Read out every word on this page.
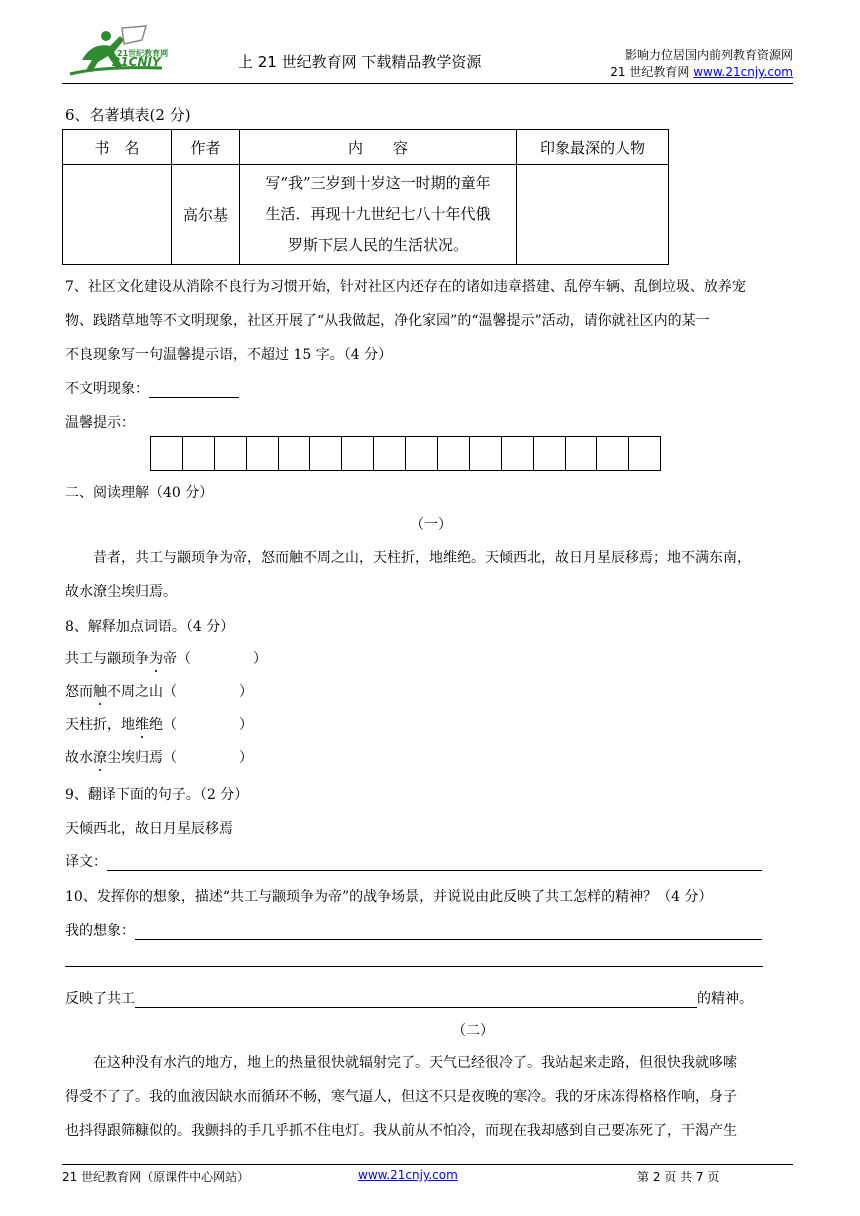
21世纪教育网
21CNJY	上 21 世纪教育网 下载精品教学资源	影响力位居国内前列教育资源网
21 世纪教育网 www.21cnjy.com
6、名著填表(2 分)
书　名	作者	内　　容	印象最深的人物
	高尔基	写“我”三岁到十岁这一时期的童年
生活．再现十九世纪七八十年代俄
罗斯下层人民的生活状况。	

7、社区文化建设从消除不良行为习惯开始，针对社区内还存在的诸如违章搭建、乱停车辆、乱倒垃圾、放养宠
物、践踏草地等不文明现象，社区开展了“从我做起，净化家园”的“温馨提示”活动，请你就社区内的某一
不良现象写一句温馨提示语，不超过 15 字。（4 分）
不文明现象：
温馨提示：
二、阅读理解（40 分）
（一）
昔者，共工与颛顼争为帝，怒而触不周之山，天柱折，地维绝。天倾西北，故日月星辰移焉；地不满东南，
故水潦尘埃归焉。
8、解释加点词语。（4 分）
共工与颛顼争为帝（	）
怒而触不周之山（	）
天柱折，地维绝（	）
故水潦尘埃归焉（	）
9、翻译下面的句子。（2 分）
天倾西北，故日月星辰移焉
译文：
10、发挥你的想象，描述“共工与颛顼争为帝”的战争场景，并说说由此反映了共工怎样的精神？（4 分）
我的想象：
反映了共工	的精神。
（二）
在这种没有水汽的地方，地上的热量很快就辐射完了。天气已经很冷了。我站起来走路，但很快我就哆嗦
得受不了了。我的血液因缺水而循环不畅，寒气逼人，但这不只是夜晚的寒冷。我的牙床冻得格格作响，身子
也抖得跟筛糠似的。我颤抖的手几乎抓不住电灯。我从前从不怕冷，而现在我却感到自己要冻死了，干渴产生
21 世纪教育网（原课件中心网站）	www.21cnjy.com	第 2 页 共 7 页
